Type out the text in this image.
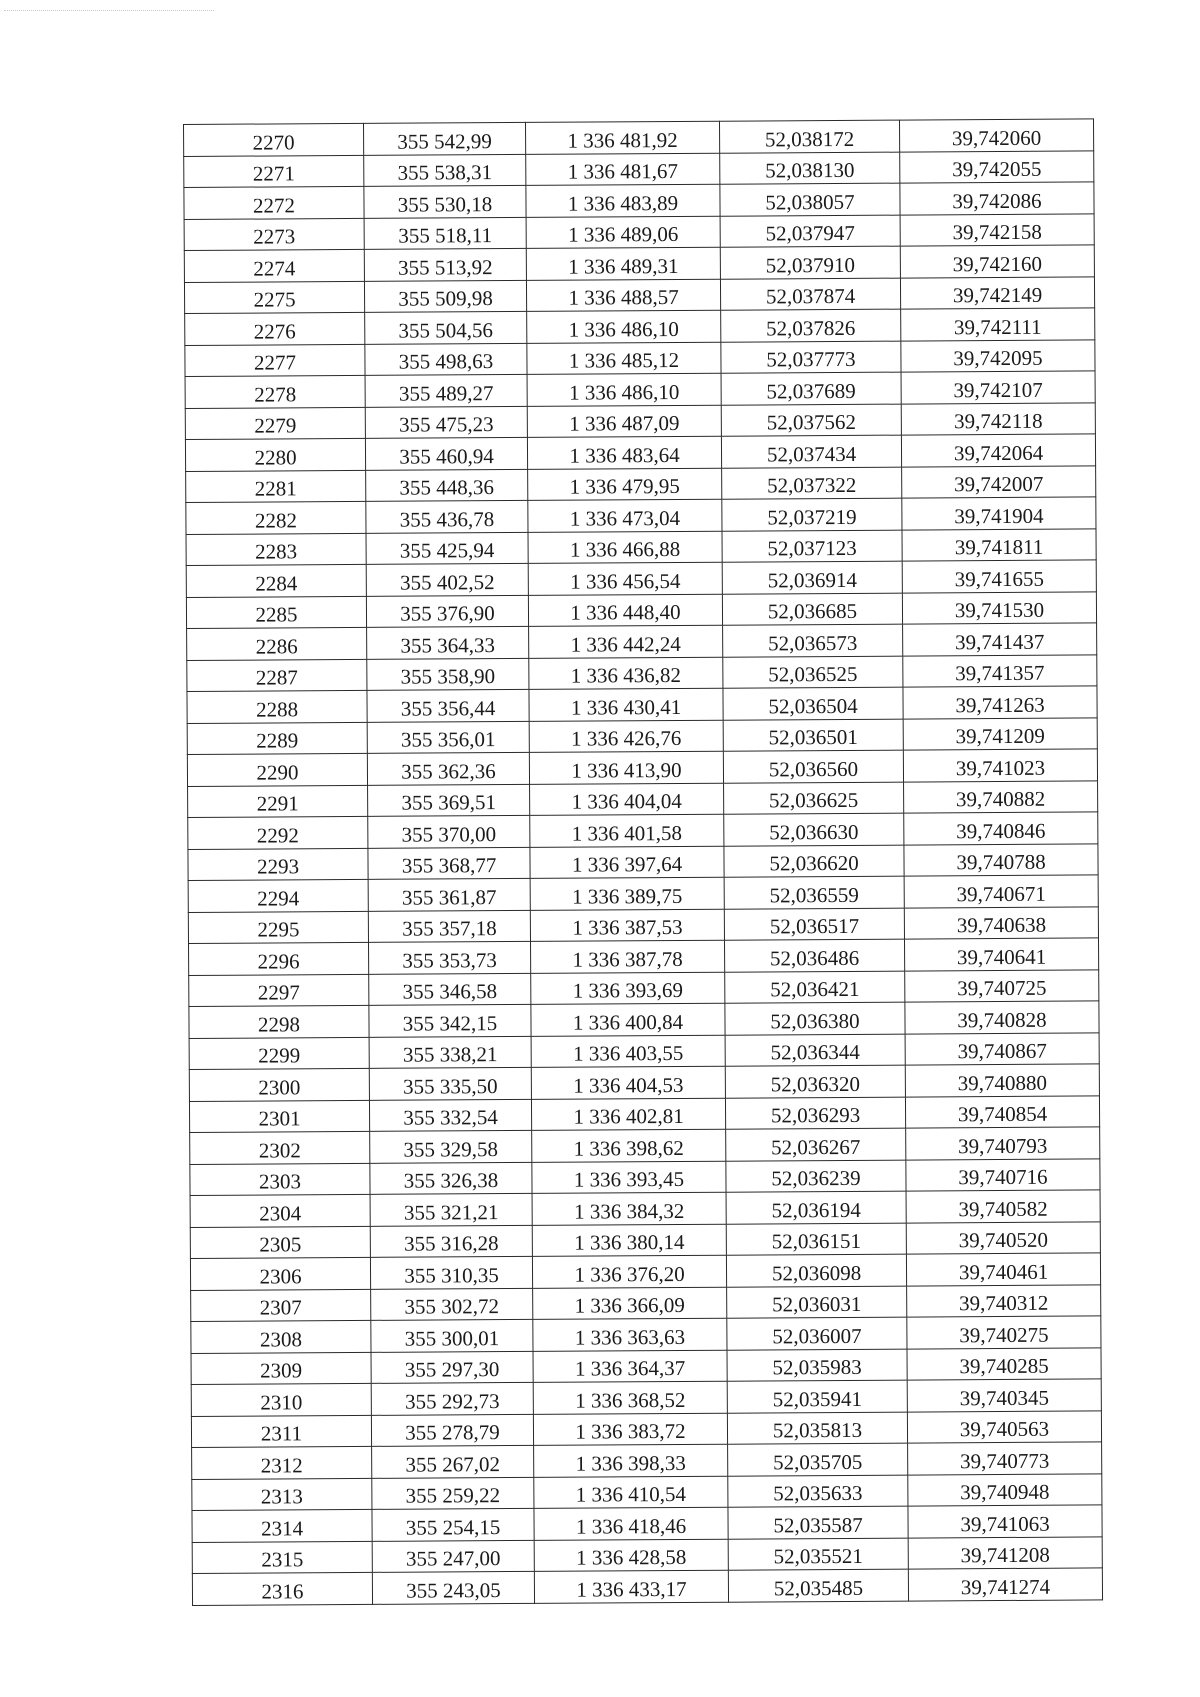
2270	355 542,99	1 336 481,92	52,038172	39,742060
2271	355 538,31	1 336 481,67	52,038130	39,742055
2272	355 530,18	1 336 483,89	52,038057	39,742086
2273	355 518,11	1 336 489,06	52,037947	39,742158
2274	355 513,92	1 336 489,31	52,037910	39,742160
2275	355 509,98	1 336 488,57	52,037874	39,742149
2276	355 504,56	1 336 486,10	52,037826	39,742111
2277	355 498,63	1 336 485,12	52,037773	39,742095
2278	355 489,27	1 336 486,10	52,037689	39,742107
2279	355 475,23	1 336 487,09	52,037562	39,742118
2280	355 460,94	1 336 483,64	52,037434	39,742064
2281	355 448,36	1 336 479,95	52,037322	39,742007
2282	355 436,78	1 336 473,04	52,037219	39,741904
2283	355 425,94	1 336 466,88	52,037123	39,741811
2284	355 402,52	1 336 456,54	52,036914	39,741655
2285	355 376,90	1 336 448,40	52,036685	39,741530
2286	355 364,33	1 336 442,24	52,036573	39,741437
2287	355 358,90	1 336 436,82	52,036525	39,741357
2288	355 356,44	1 336 430,41	52,036504	39,741263
2289	355 356,01	1 336 426,76	52,036501	39,741209
2290	355 362,36	1 336 413,90	52,036560	39,741023
2291	355 369,51	1 336 404,04	52,036625	39,740882
2292	355 370,00	1 336 401,58	52,036630	39,740846
2293	355 368,77	1 336 397,64	52,036620	39,740788
2294	355 361,87	1 336 389,75	52,036559	39,740671
2295	355 357,18	1 336 387,53	52,036517	39,740638
2296	355 353,73	1 336 387,78	52,036486	39,740641
2297	355 346,58	1 336 393,69	52,036421	39,740725
2298	355 342,15	1 336 400,84	52,036380	39,740828
2299	355 338,21	1 336 403,55	52,036344	39,740867
2300	355 335,50	1 336 404,53	52,036320	39,740880
2301	355 332,54	1 336 402,81	52,036293	39,740854
2302	355 329,58	1 336 398,62	52,036267	39,740793
2303	355 326,38	1 336 393,45	52,036239	39,740716
2304	355 321,21	1 336 384,32	52,036194	39,740582
2305	355 316,28	1 336 380,14	52,036151	39,740520
2306	355 310,35	1 336 376,20	52,036098	39,740461
2307	355 302,72	1 336 366,09	52,036031	39,740312
2308	355 300,01	1 336 363,63	52,036007	39,740275
2309	355 297,30	1 336 364,37	52,035983	39,740285
2310	355 292,73	1 336 368,52	52,035941	39,740345
2311	355 278,79	1 336 383,72	52,035813	39,740563
2312	355 267,02	1 336 398,33	52,035705	39,740773
2313	355 259,22	1 336 410,54	52,035633	39,740948
2314	355 254,15	1 336 418,46	52,035587	39,741063
2315	355 247,00	1 336 428,58	52,035521	39,741208
2316	355 243,05	1 336 433,17	52,035485	39,741274
